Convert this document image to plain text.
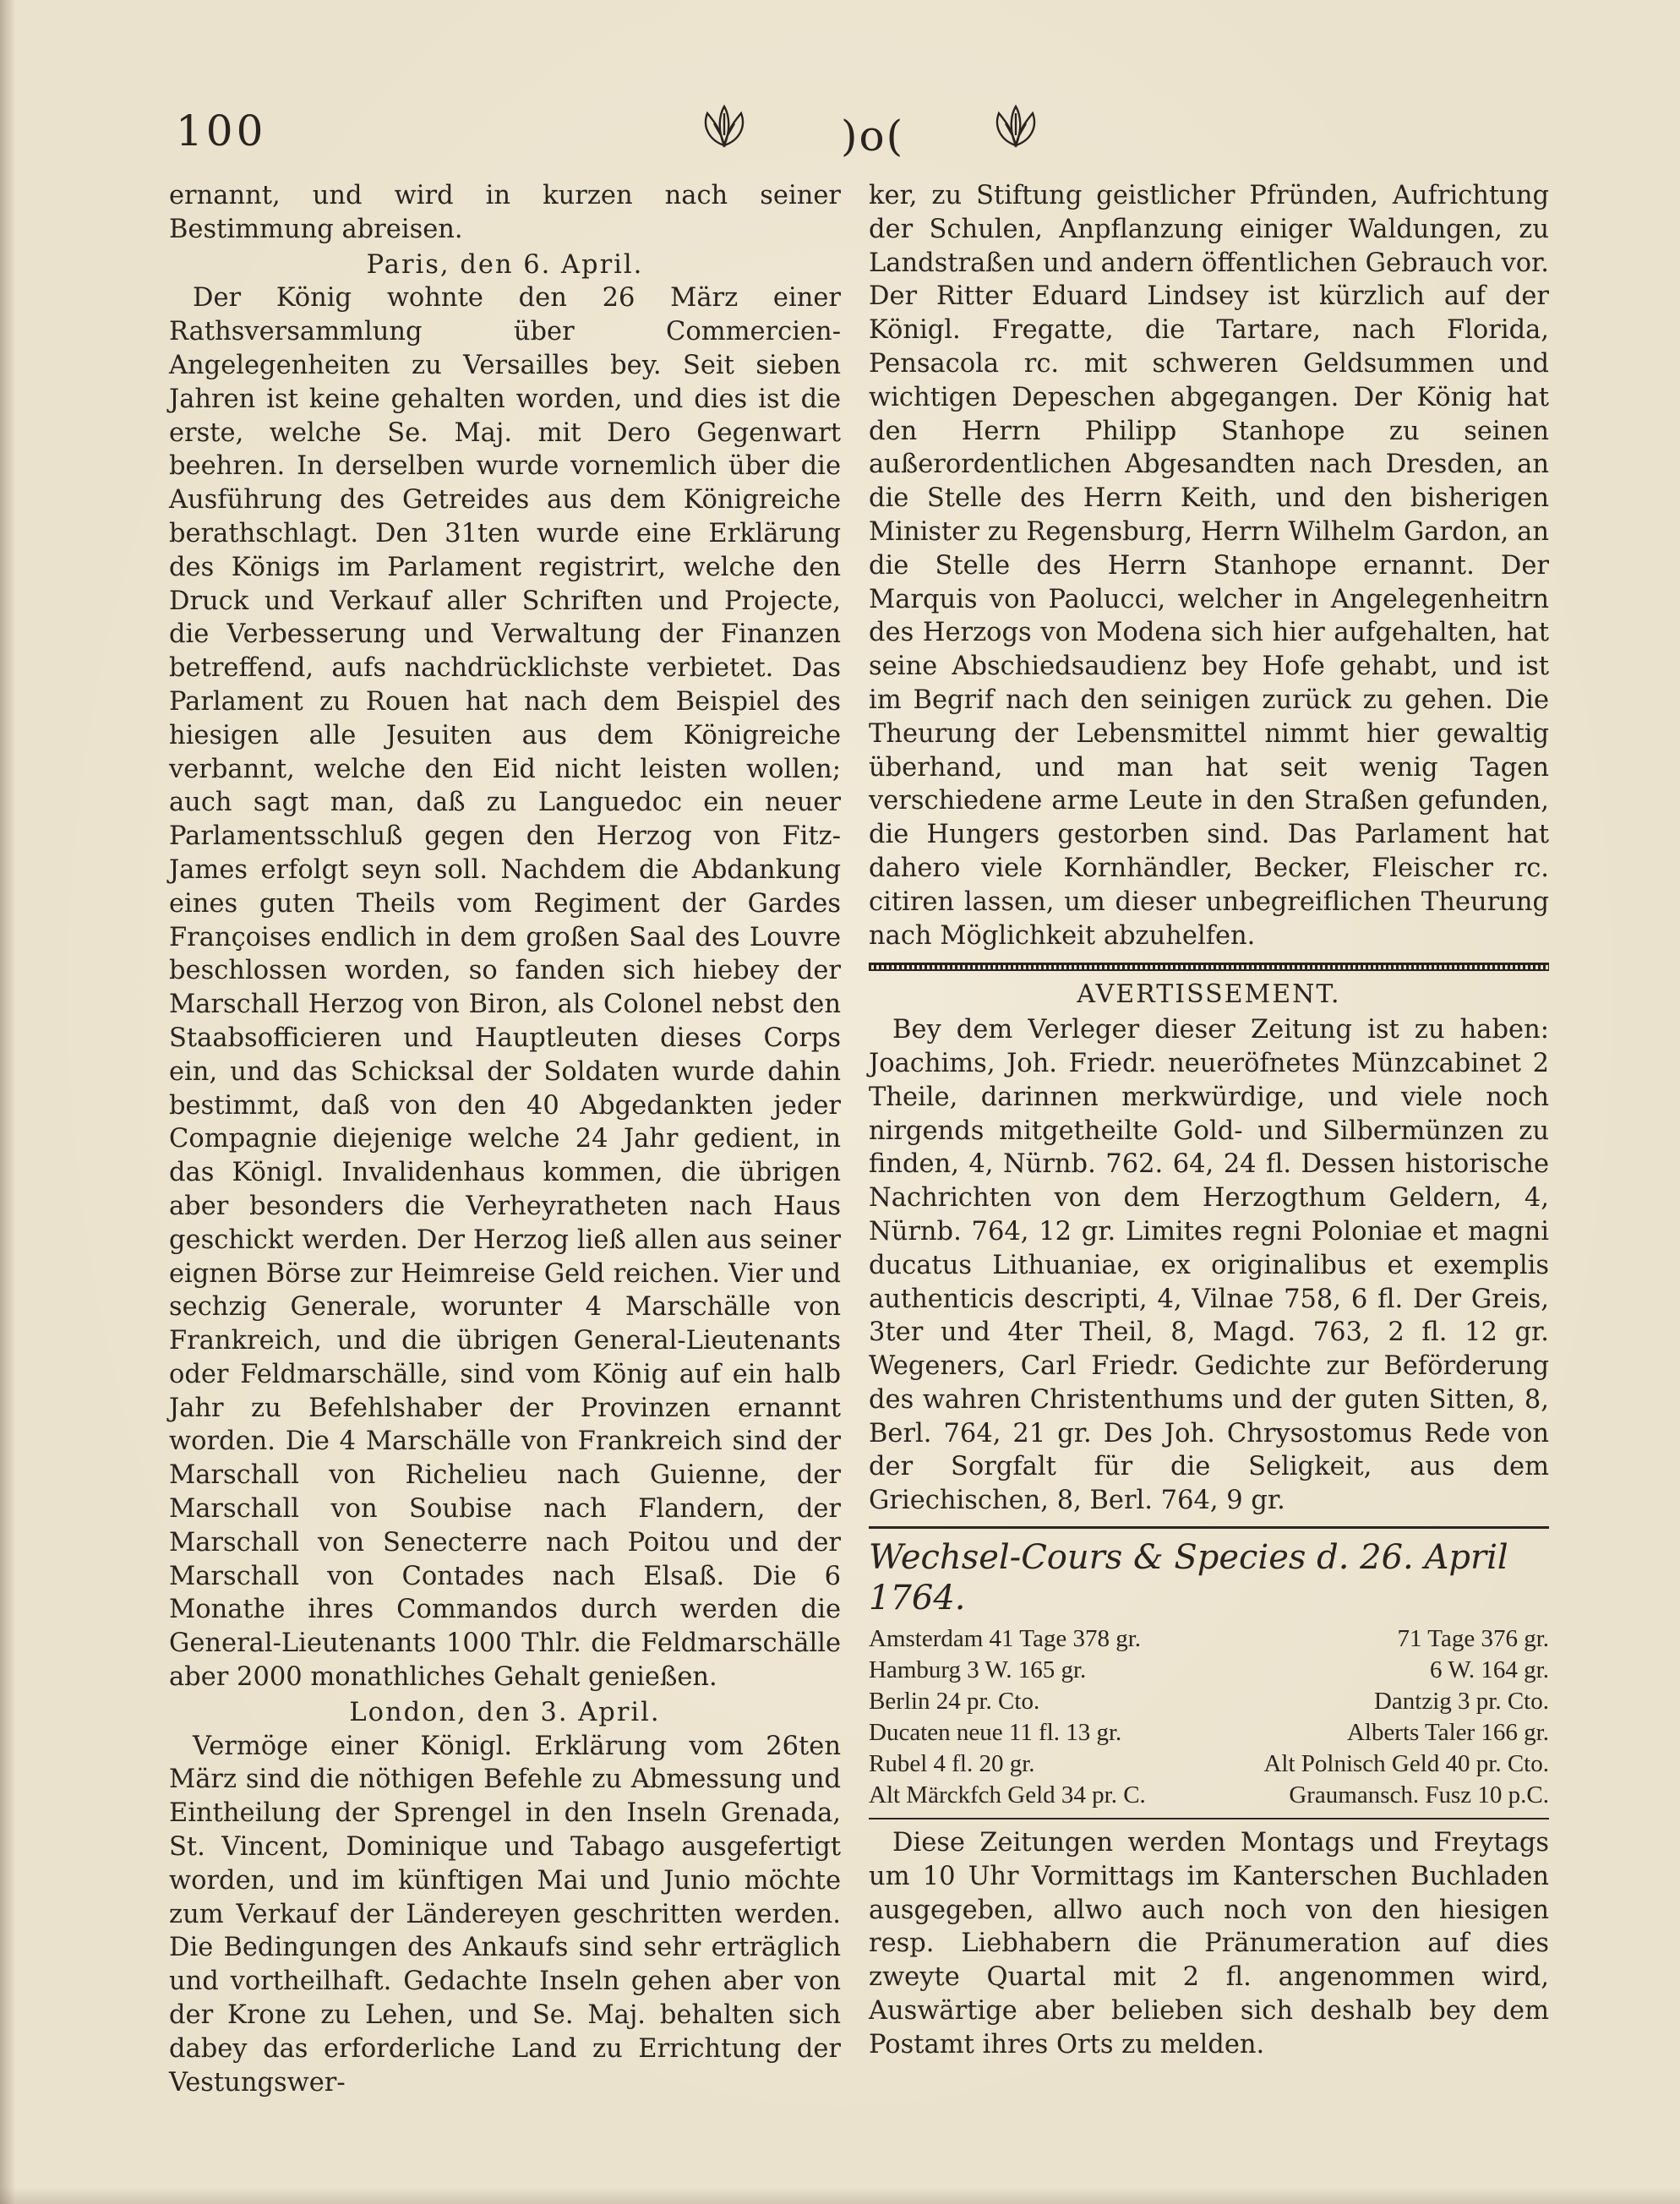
100	)o(

ernannt, und wird in kurzen nach seiner Bestimmung abreisen.

Paris, den 6. April.

Der König wohnte den 26 März einer Rathsversammlung über Commercien-Angelegenheiten zu Versailles bey. Seit sieben Jahren ist keine gehalten worden, und dies ist die erste, welche Se. Maj. mit Dero Gegenwart beehren. In derselben wurde vornemlich über die Ausführung des Getreides aus dem Königreiche berathschlagt. Den 31ten wurde eine Erklärung des Königs im Parlament registrirt, welche den Druck und Verkauf aller Schriften und Projecte, die Verbesserung und Verwaltung der Finanzen betreffend, aufs nachdrücklichste verbietet. Das Parlament zu Rouen hat nach dem Beispiel des hiesigen alle Jesuiten aus dem Königreiche verbannt, welche den Eid nicht leisten wollen; auch sagt man, daß zu Languedoc ein neuer Parlamentsschluß gegen den Herzog von Fitz-James erfolgt seyn soll. Nachdem die Abdankung eines guten Theils vom Regiment der Gardes Françoises endlich in dem großen Saal des Louvre beschlossen worden, so fanden sich hiebey der Marschall Herzog von Biron, als Colonel nebst den Staabsofficieren und Hauptleuten dieses Corps ein, und das Schicksal der Soldaten wurde dahin bestimmt, daß von den 40 Abgedankten jeder Compagnie diejenige welche 24 Jahr gedient, in das Königl. Invalidenhaus kommen, die übrigen aber besonders die Verheyratheten nach Haus geschickt werden. Der Herzog ließ allen aus seiner eignen Börse zur Heimreise Geld reichen. Vier und sechzig Generale, worunter 4 Marschälle von Frankreich, und die übrigen General-Lieutenants oder Feldmarschälle, sind vom König auf ein halb Jahr zu Befehlshaber der Provinzen ernannt worden. Die 4 Marschälle von Frankreich sind der Marschall von Richelieu nach Guienne, der Marschall von Soubise nach Flandern, der Marschall von Senecterre nach Poitou und der Marschall von Contades nach Elsaß. Die 6 Monathe ihres Commandos durch werden die General-Lieutenants 1000 Thlr. die Feldmarschälle aber 2000 monathliches Gehalt genießen.

London, den 3. April.

Vermöge einer Königl. Erklärung vom 26ten März sind die nöthigen Befehle zu Abmessung und Eintheilung der Sprengel in den Inseln Grenada, St. Vincent, Dominique und Tabago ausgefertigt worden, und im künftigen Mai und Junio möchte zum Verkauf der Ländereyen geschritten werden. Die Bedingungen des Ankaufs sind sehr erträglich und vortheilhaft. Gedachte Inseln gehen aber von der Krone zu Lehen, und Se. Maj. behalten sich dabey das erforderliche Land zu Errichtung der Vestungswer-

ker, zu Stiftung geistlicher Pfründen, Aufrichtung der Schulen, Anpflanzung einiger Waldungen, zu Landstraßen und andern öffentlichen Gebrauch vor. Der Ritter Eduard Lindsey ist kürzlich auf der Königl. Fregatte, die Tartare, nach Florida, Pensacola rc. mit schweren Geldsummen und wichtigen Depeschen abgegangen. Der König hat den Herrn Philipp Stanhope zu seinen außerordentlichen Abgesandten nach Dresden, an die Stelle des Herrn Keith, und den bisherigen Minister zu Regensburg, Herrn Wilhelm Gardon, an die Stelle des Herrn Stanhope ernannt. Der Marquis von Paolucci, welcher in Angelegenheitrn des Herzogs von Modena sich hier aufgehalten, hat seine Abschiedsaudienz bey Hofe gehabt, und ist im Begrif nach den seinigen zurück zu gehen. Die Theurung der Lebensmittel nimmt hier gewaltig überhand, und man hat seit wenig Tagen verschiedene arme Leute in den Straßen gefunden, die Hungers gestorben sind. Das Parlament hat dahero viele Kornhändler, Becker, Fleischer rc. citiren lassen, um dieser unbegreiflichen Theurung nach Möglichkeit abzuhelfen.

AVERTISSEMENT.

Bey dem Verleger dieser Zeitung ist zu haben: Joachims, Joh. Friedr. neueröfnetes Münzcabinet 2 Theile, darinnen merkwürdige, und viele noch nirgends mitgetheilte Gold- und Silbermünzen zu finden, 4, Nürnb. 762. 64, 24 fl. Dessen historische Nachrichten von dem Herzogthum Geldern, 4, Nürnb. 764, 12 gr. Limites regni Poloniae et magni ducatus Lithuaniae, ex originalibus et exemplis authenticis descripti, 4, Vilnae 758, 6 fl. Der Greis, 3ter und 4ter Theil, 8, Magd. 763, 2 fl. 12 gr. Wegeners, Carl Friedr. Gedichte zur Beförderung des wahren Christenthums und der guten Sitten, 8, Berl. 764, 21 gr. Des Joh. Chrysostomus Rede von der Sorgfalt für die Seligkeit, aus dem Griechischen, 8, Berl. 764, 9 gr.

Wechsel-Cours & Species d. 26. April 1764.
Amsterdam 41 Tage 378 gr.	71 Tage 376 gr.
Hamburg 3 W. 165 gr.	6 W. 164 gr.
Berlin 24 pr. Cto.	Dantzig 3 pr. Cto.
Ducaten neue 11 fl. 13 gr.	Alberts Taler 166 gr.
Rubel 4 fl. 20 gr.	Alt Polnisch Geld 40 pr. Cto.
Alt Märckfch Geld 34 pr. C.	Graumansch. Fusz 10 p.C.

Diese Zeitungen werden Montags und Freytags um 10 Uhr Vormittags im Kanterschen Buchladen ausgegeben, allwo auch noch von den hiesigen resp. Liebhabern die Pränumeration auf dies zweyte Quartal mit 2 fl. angenommen wird, Auswärtige aber belieben sich deshalb bey dem Postamt ihres Orts zu melden.
